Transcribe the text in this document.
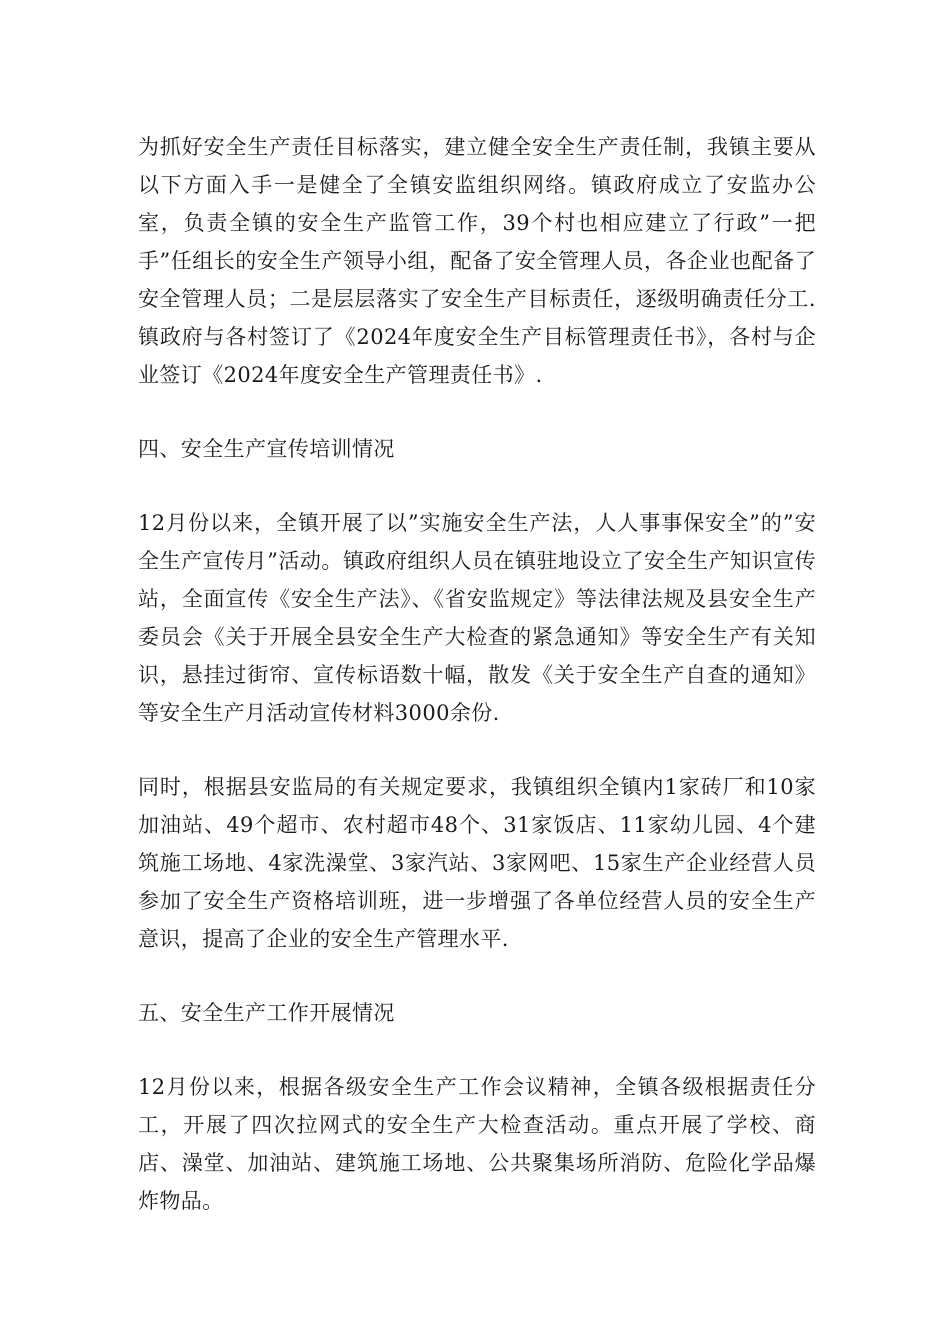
为抓好安全生产责任目标落实，建立健全安全生产责任制，我镇主要从以下方面入手一是健全了全镇安监组织网络。镇政府成立了安监办公室，负责全镇的安全生产监管工作，39个村也相应建立了行政”一把手”任组长的安全生产领导小组，配备了安全管理人员，各企业也配备了安全管理人员；二是层层落实了安全生产目标责任，逐级明确责任分工.镇政府与各村签订了《2024年度安全生产目标管理责任书》，各村与企业签订《2024年度安全生产管理责任书》.

四、安全生产宣传培训情况

12月份以来，全镇开展了以”实施安全生产法，人人事事保安全”的”安全生产宣传月”活动。镇政府组织人员在镇驻地设立了安全生产知识宣传站，全面宣传《安全生产法》、《省安监规定》等法律法规及县安全生产委员会《关于开展全县安全生产大检查的紧急通知》等安全生产有关知识，悬挂过街帘、宣传标语数十幅，散发《关于安全生产自查的通知》等安全生产月活动宣传材料3000余份.

同时，根据县安监局的有关规定要求，我镇组织全镇内1家砖厂和10家加油站、49个超市、农村超市48个、31家饭店、11家幼儿园、4个建筑施工场地、4家洗澡堂、3家汽站、3家网吧、15家生产企业经营人员参加了安全生产资格培训班，进一步增强了各单位经营人员的安全生产意识，提高了企业的安全生产管理水平.

五、安全生产工作开展情况

12月份以来，根据各级安全生产工作会议精神，全镇各级根据责任分工，开展了四次拉网式的安全生产大检查活动。重点开展了学校、商店、澡堂、加油站、建筑施工场地、公共聚集场所消防、危险化学品爆炸物品。
